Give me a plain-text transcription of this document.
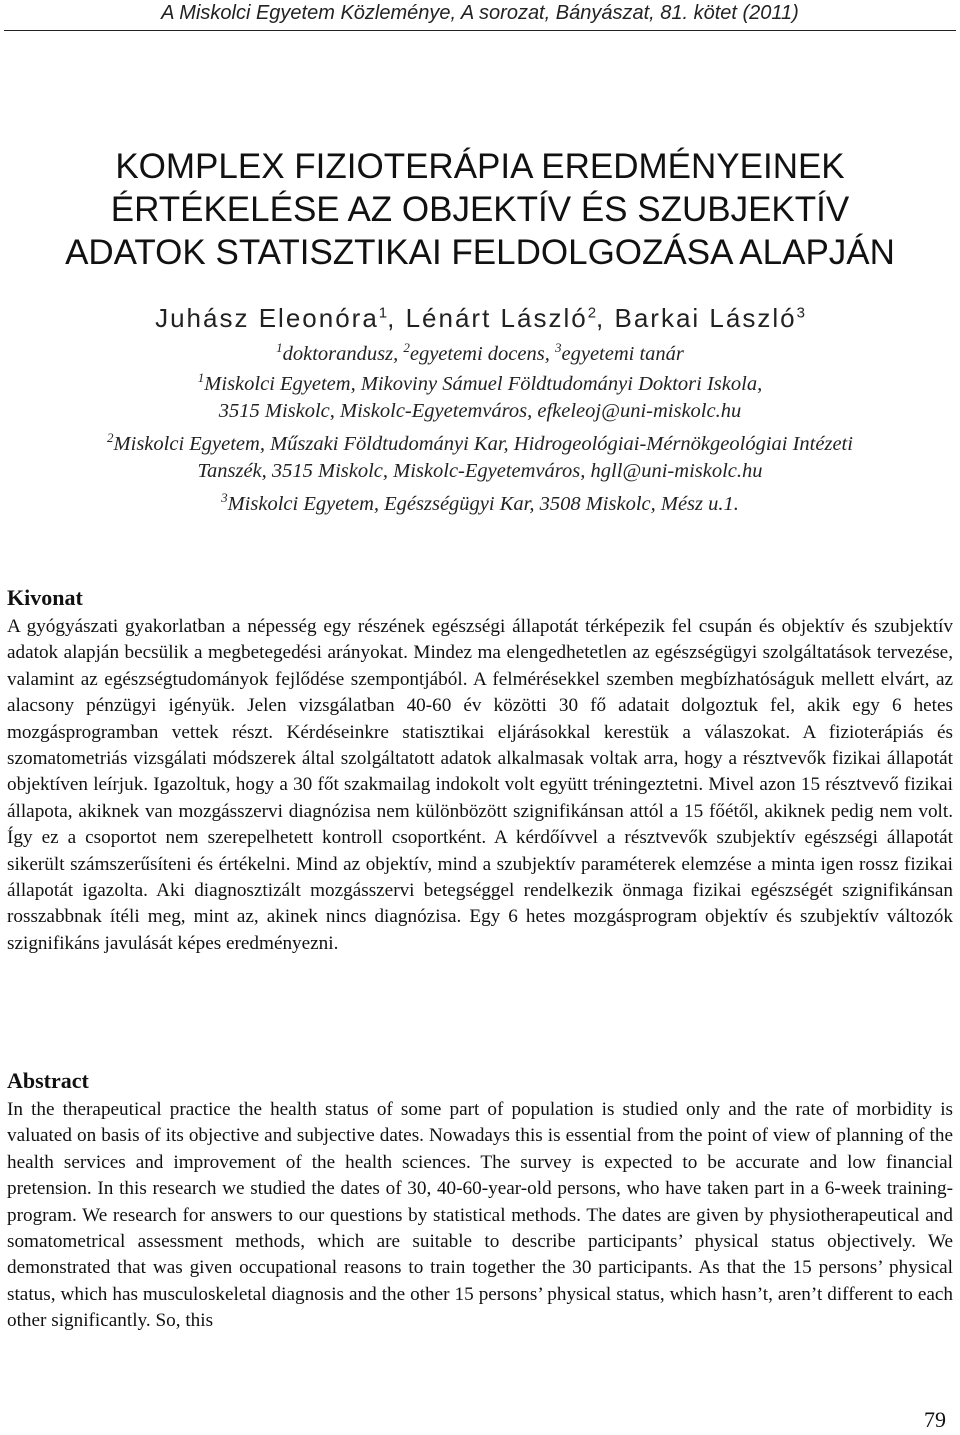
A Miskolci Egyetem Közleménye, A sorozat, Bányászat, 81. kötet (2011)
KOMPLEX FIZIOTERÁPIA EREDMÉNYEINEK
ÉRTÉKELÉSE AZ OBJEKTÍV ÉS SZUBJEKTÍV
ADATOK STATISZTIKAI FELDOLGOZÁSA ALAPJÁN
Juhász Eleonóra$^1$, Lénárt László$^2$, Barkai László$^3$
$^1$doktorandusz, $^2$egyetemi docens, $^3$egyetemi tanár
$^1$Miskolci Egyetem, Mikoviny Sámuel Földtudományi Doktori Iskola,
3515 Miskolc, Miskolc-Egyetemváros, efkeleoj@uni-miskolc.hu
$^2$Miskolci Egyetem, Műszaki Földtudományi Kar, Hidrogeológiai-Mérnökgeológiai Intézeti
Tanszék, 3515 Miskolc, Miskolc-Egyetemváros, hgll@uni-miskolc.hu
$^3$Miskolci Egyetem, Egészségügyi Kar, 3508 Miskolc, Mész u.1.
Kivonat
A gyógyászati gyakorlatban a népesség egy részének egészségi állapotát térképezik fel csupán és objektív és szubjektív adatok alapján becsülik a megbetegedési arányokat. Mindez ma elengedhetetlen az egészségügyi szolgáltatások tervezése, valamint az egészségtudományok fejlődése szempontjából. A felmérésekkel szemben megbízhatóságuk mellett elvárt, az alacsony pénzügyi igényük. Jelen vizsgálatban 40-60 év közötti 30 fő adatait dolgoztuk fel, akik egy 6 hetes mozgásprogramban vettek részt. Kérdéseinkre statisztikai eljárásokkal kerestük a válaszokat. A fizioterápiás és szomatometriás vizsgálati módszerek által szolgáltatott adatok alkalmasak voltak arra, hogy a résztvevők fizikai állapotát objektíven leírjuk. Igazoltuk, hogy a 30 főt szakmailag indokolt volt együtt tréningeztetni. Mivel azon 15 résztvevő fizikai állapota, akiknek van mozgásszervi diagnózisa nem különbözött szignifikánsan attól a 15 főétől, akiknek pedig nem volt. Így ez a csoportot nem szerepelhetett kontroll csoportként. A kérdőívvel a résztvevők szubjektív egészségi állapotát sikerült számszerűsíteni és értékelni. Mind az objektív, mind a szubjektív paraméterek elemzése a minta igen rossz fizikai állapotát igazolta. Aki diagnosztizált mozgásszervi betegséggel rendelkezik önmaga fizikai egészségét szignifikánsan rosszabbnak ítéli meg, mint az, akinek nincs diagnózisa. Egy 6 hetes mozgásprogram objektív és szubjektív változók szignifikáns javulását képes eredményezni.
Abstract
In the therapeutical practice the health status of some part of population is studied only and the rate of morbidity is valuated on basis of its objective and subjective dates. Nowadays this is essential from the point of view of planning of the health services and improvement of the health sciences. The survey is expected to be accurate and low financial pretension. In this research we studied the dates of 30, 40-60-year-old persons, who have taken part in a 6-week training-program. We research for answers to our questions by statistical methods. The dates are given by physiotherapeutical and somatometrical assessment methods, which are suitable to describe participants’ physical status objectively. We demonstrated that was given occupational reasons to train together the 30 participants. As that the 15 persons’ physical status, which has musculoskeletal diagnosis and the other 15 persons’ physical status, which hasn’t, aren’t different to each other significantly. So, this
79
